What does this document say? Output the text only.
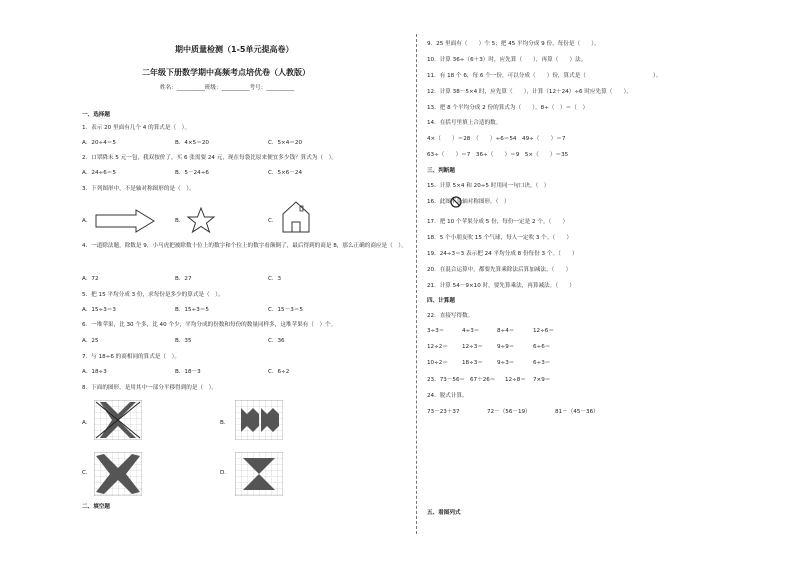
期中质量检测（1-5单元提高卷）
二年级下册数学期中高频考点培优卷（人教版）
姓名：__________班级：__________考号：__________
一、选择题
1．表示 20 里面有几个 4 的算式是（　）。
A．20÷4＝5	B．4×5＝20	C．5×4＝20
2．口罩降未 5 元一包，我双按价了，买 6 张需要 24 元，现在每袋比原来便宜多少钱？算式为（　）。
A．24÷6＝5	B．5－24÷6	C．5×6－24
3．下列图形中，不是轴对称图形的是（　）。
A．	B．	C．
4．一道除法题，除数是 9，小马虎把被除数十位上的数字和个位上的数字看颠倒了，最后得到的商是 8，那么正确的商应是（　）。
A．72	B．27	C．3
5．把 15 平均分成 3 份，求每份是多少的算式是（　）。
A．15÷3＝3	B．15÷3＝5	C．15－3＝5
6．一堆苹果，比 30 个多，比 40 个少，平均分成的份数和每份的数量同样多，这堆苹果有（　）个。
A．25	B．35	C．36
7．与 18÷6 的商相同的算式是（　）。
A．18÷3	B．18－3	C．6÷2
8．下面的图形，是用其中一部分平移得到的是（　）。
A．	B．
C．	D．
二、填空题
9．25 里面有（　　）个 5；把 45 平均分成 9 份，每份是（　　）。
10．计算 36÷（6＋3）时，应先算（　　），再算（　　）法。
11．有 18 个 6，每 6 个一份，可以分成（　　）份，算式是（　　　　　　　　　　　　）。
12．计算 38－5×4 时，应先算（　　），计算（12＋24）÷6 时应先算（　　）。
13．把 8 个平均分成 2 份的算式为（　　）。8÷（　）＝（　）
14．在括号里填上合适的数。
4×（　　）＝28　（　　）÷6＝54　49÷（　　）＝7
63÷（　　）＝7　36÷（　　）＝9　5×（　　）＝35
三、判断题
15．计算 5×4 和 20÷5 时用同一句口诀。（　）
16．此图不是轴对称图形。（　）
17．把 10 个苹果分成 5 份，每份一定是 2 个。（　　）
18．5 个小朋友吹 15 个气球，每人一定吹 3 个。（　　）
19．24÷3＝3 表示把 24 平均分成 8 份每份 3 个。（　　）
20．在混合运算中，都要先算乘除法后算加减法。（　　）
21．计算 54－9×10 时，要先算乘法，再算减法。（　　）
四、计算题
22．直接写得数。
3÷3＝	4÷3＝	8÷4＝	12÷6＝
12÷2＝	12÷3＝	9÷9＝	6÷6＝
10÷2＝	18÷3＝	9÷3＝	6÷3＝
23．73－56＝ 67＋26＝ 12÷8＝ 7×9＝
24．脱式计算。
73－23＋37	72－（56－19）	81－（45－36）
五、看图列式
